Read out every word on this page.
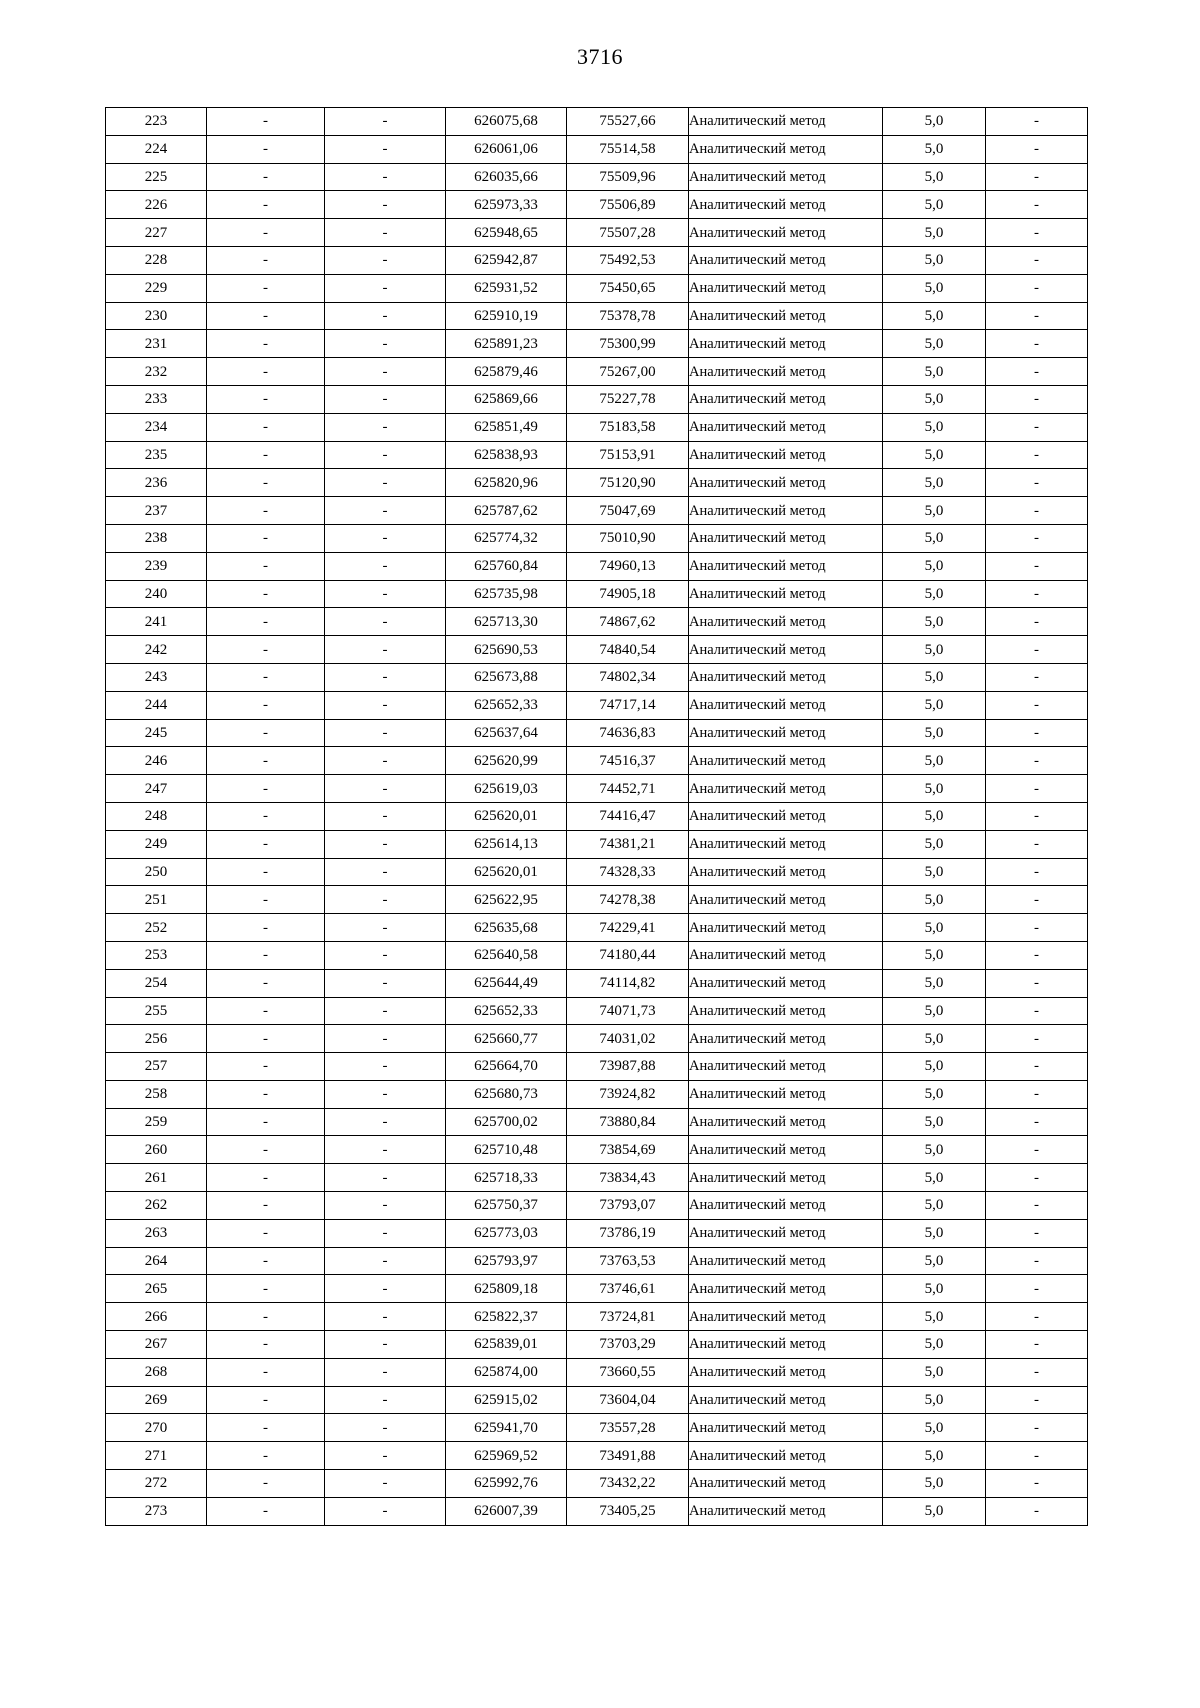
3716
223	-	-	626075,68	75527,66	Аналитический метод	5,0	-
224	-	-	626061,06	75514,58	Аналитический метод	5,0	-
225	-	-	626035,66	75509,96	Аналитический метод	5,0	-
226	-	-	625973,33	75506,89	Аналитический метод	5,0	-
227	-	-	625948,65	75507,28	Аналитический метод	5,0	-
228	-	-	625942,87	75492,53	Аналитический метод	5,0	-
229	-	-	625931,52	75450,65	Аналитический метод	5,0	-
230	-	-	625910,19	75378,78	Аналитический метод	5,0	-
231	-	-	625891,23	75300,99	Аналитический метод	5,0	-
232	-	-	625879,46	75267,00	Аналитический метод	5,0	-
233	-	-	625869,66	75227,78	Аналитический метод	5,0	-
234	-	-	625851,49	75183,58	Аналитический метод	5,0	-
235	-	-	625838,93	75153,91	Аналитический метод	5,0	-
236	-	-	625820,96	75120,90	Аналитический метод	5,0	-
237	-	-	625787,62	75047,69	Аналитический метод	5,0	-
238	-	-	625774,32	75010,90	Аналитический метод	5,0	-
239	-	-	625760,84	74960,13	Аналитический метод	5,0	-
240	-	-	625735,98	74905,18	Аналитический метод	5,0	-
241	-	-	625713,30	74867,62	Аналитический метод	5,0	-
242	-	-	625690,53	74840,54	Аналитический метод	5,0	-
243	-	-	625673,88	74802,34	Аналитический метод	5,0	-
244	-	-	625652,33	74717,14	Аналитический метод	5,0	-
245	-	-	625637,64	74636,83	Аналитический метод	5,0	-
246	-	-	625620,99	74516,37	Аналитический метод	5,0	-
247	-	-	625619,03	74452,71	Аналитический метод	5,0	-
248	-	-	625620,01	74416,47	Аналитический метод	5,0	-
249	-	-	625614,13	74381,21	Аналитический метод	5,0	-
250	-	-	625620,01	74328,33	Аналитический метод	5,0	-
251	-	-	625622,95	74278,38	Аналитический метод	5,0	-
252	-	-	625635,68	74229,41	Аналитический метод	5,0	-
253	-	-	625640,58	74180,44	Аналитический метод	5,0	-
254	-	-	625644,49	74114,82	Аналитический метод	5,0	-
255	-	-	625652,33	74071,73	Аналитический метод	5,0	-
256	-	-	625660,77	74031,02	Аналитический метод	5,0	-
257	-	-	625664,70	73987,88	Аналитический метод	5,0	-
258	-	-	625680,73	73924,82	Аналитический метод	5,0	-
259	-	-	625700,02	73880,84	Аналитический метод	5,0	-
260	-	-	625710,48	73854,69	Аналитический метод	5,0	-
261	-	-	625718,33	73834,43	Аналитический метод	5,0	-
262	-	-	625750,37	73793,07	Аналитический метод	5,0	-
263	-	-	625773,03	73786,19	Аналитический метод	5,0	-
264	-	-	625793,97	73763,53	Аналитический метод	5,0	-
265	-	-	625809,18	73746,61	Аналитический метод	5,0	-
266	-	-	625822,37	73724,81	Аналитический метод	5,0	-
267	-	-	625839,01	73703,29	Аналитический метод	5,0	-
268	-	-	625874,00	73660,55	Аналитический метод	5,0	-
269	-	-	625915,02	73604,04	Аналитический метод	5,0	-
270	-	-	625941,70	73557,28	Аналитический метод	5,0	-
271	-	-	625969,52	73491,88	Аналитический метод	5,0	-
272	-	-	625992,76	73432,22	Аналитический метод	5,0	-
273	-	-	626007,39	73405,25	Аналитический метод	5,0	-
